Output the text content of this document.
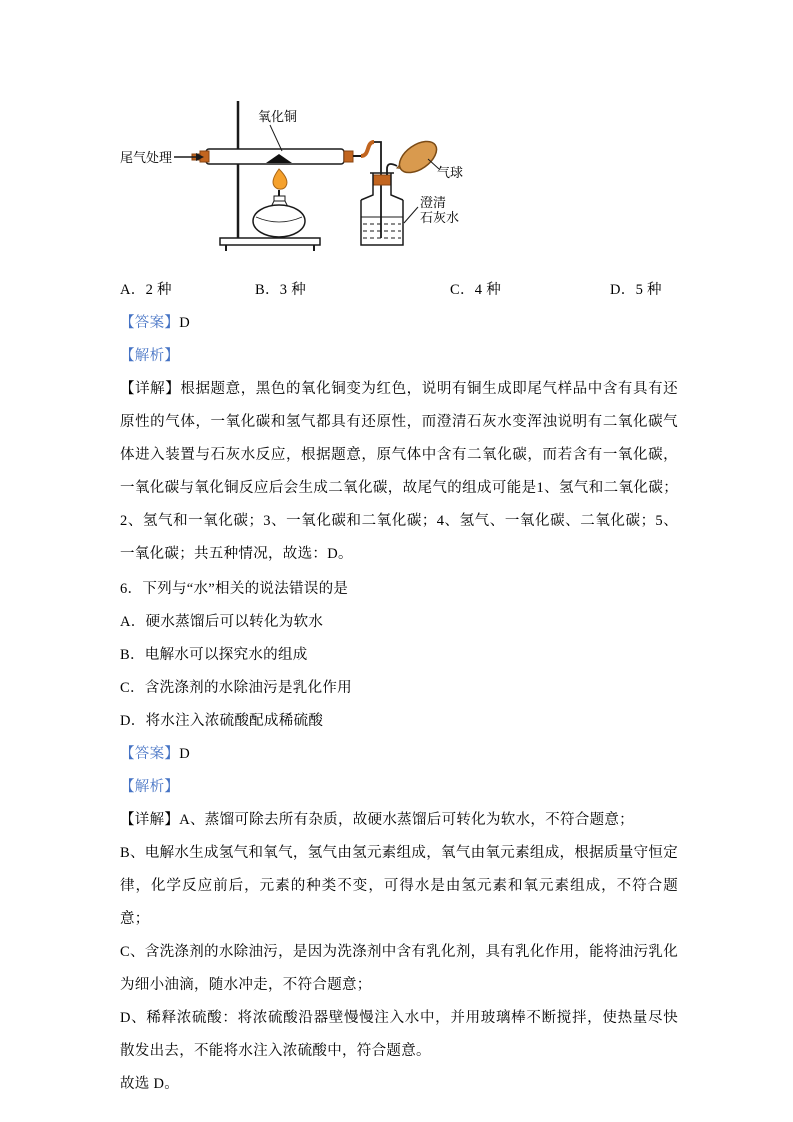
氧化铜
尾气处理
气球
澄清
石灰水
A．2 种	B．3 种	C．4 种	D．5 种
【答案】D
【解析】
【详解】根据题意，黑色的氧化铜变为红色，说明有铜生成即尾气样品中含有具有还原性的气体，一氧化碳和氢气都具有还原性，而澄清石灰水变浑浊说明有二氧化碳气体进入装置与石灰水反应，根据题意，原气体中含有二氧化碳，而若含有一氧化碳，一氧化碳与氧化铜反应后会生成二氧化碳，故尾气的组成可能是1、氢气和二氧化碳；2、氢气和一氧化碳；3、一氧化碳和二氧化碳；4、氢气、一氧化碳、二氧化碳；5、一氧化碳；共五种情况，故选：D。
6．下列与“水”相关的说法错误的是
A．硬水蒸馏后可以转化为软水
B．电解水可以探究水的组成
C．含洗涤剂的水除油污是乳化作用
D．将水注入浓硫酸配成稀硫酸
【答案】D
【解析】
【详解】A、蒸馏可除去所有杂质，故硬水蒸馏后可转化为软水，不符合题意；
B、电解水生成氢气和氧气，氢气由氢元素组成，氧气由氧元素组成，根据质量守恒定律，化学反应前后，元素的种类不变，可得水是由氢元素和氧元素组成，不符合题意；
C、含洗涤剂的水除油污，是因为洗涤剂中含有乳化剂，具有乳化作用，能将油污乳化为细小油滴，随水冲走，不符合题意；
D、稀释浓硫酸：将浓硫酸沿器壁慢慢注入水中，并用玻璃棒不断搅拌，使热量尽快散发出去，不能将水注入浓硫酸中，符合题意。
故选 D。
